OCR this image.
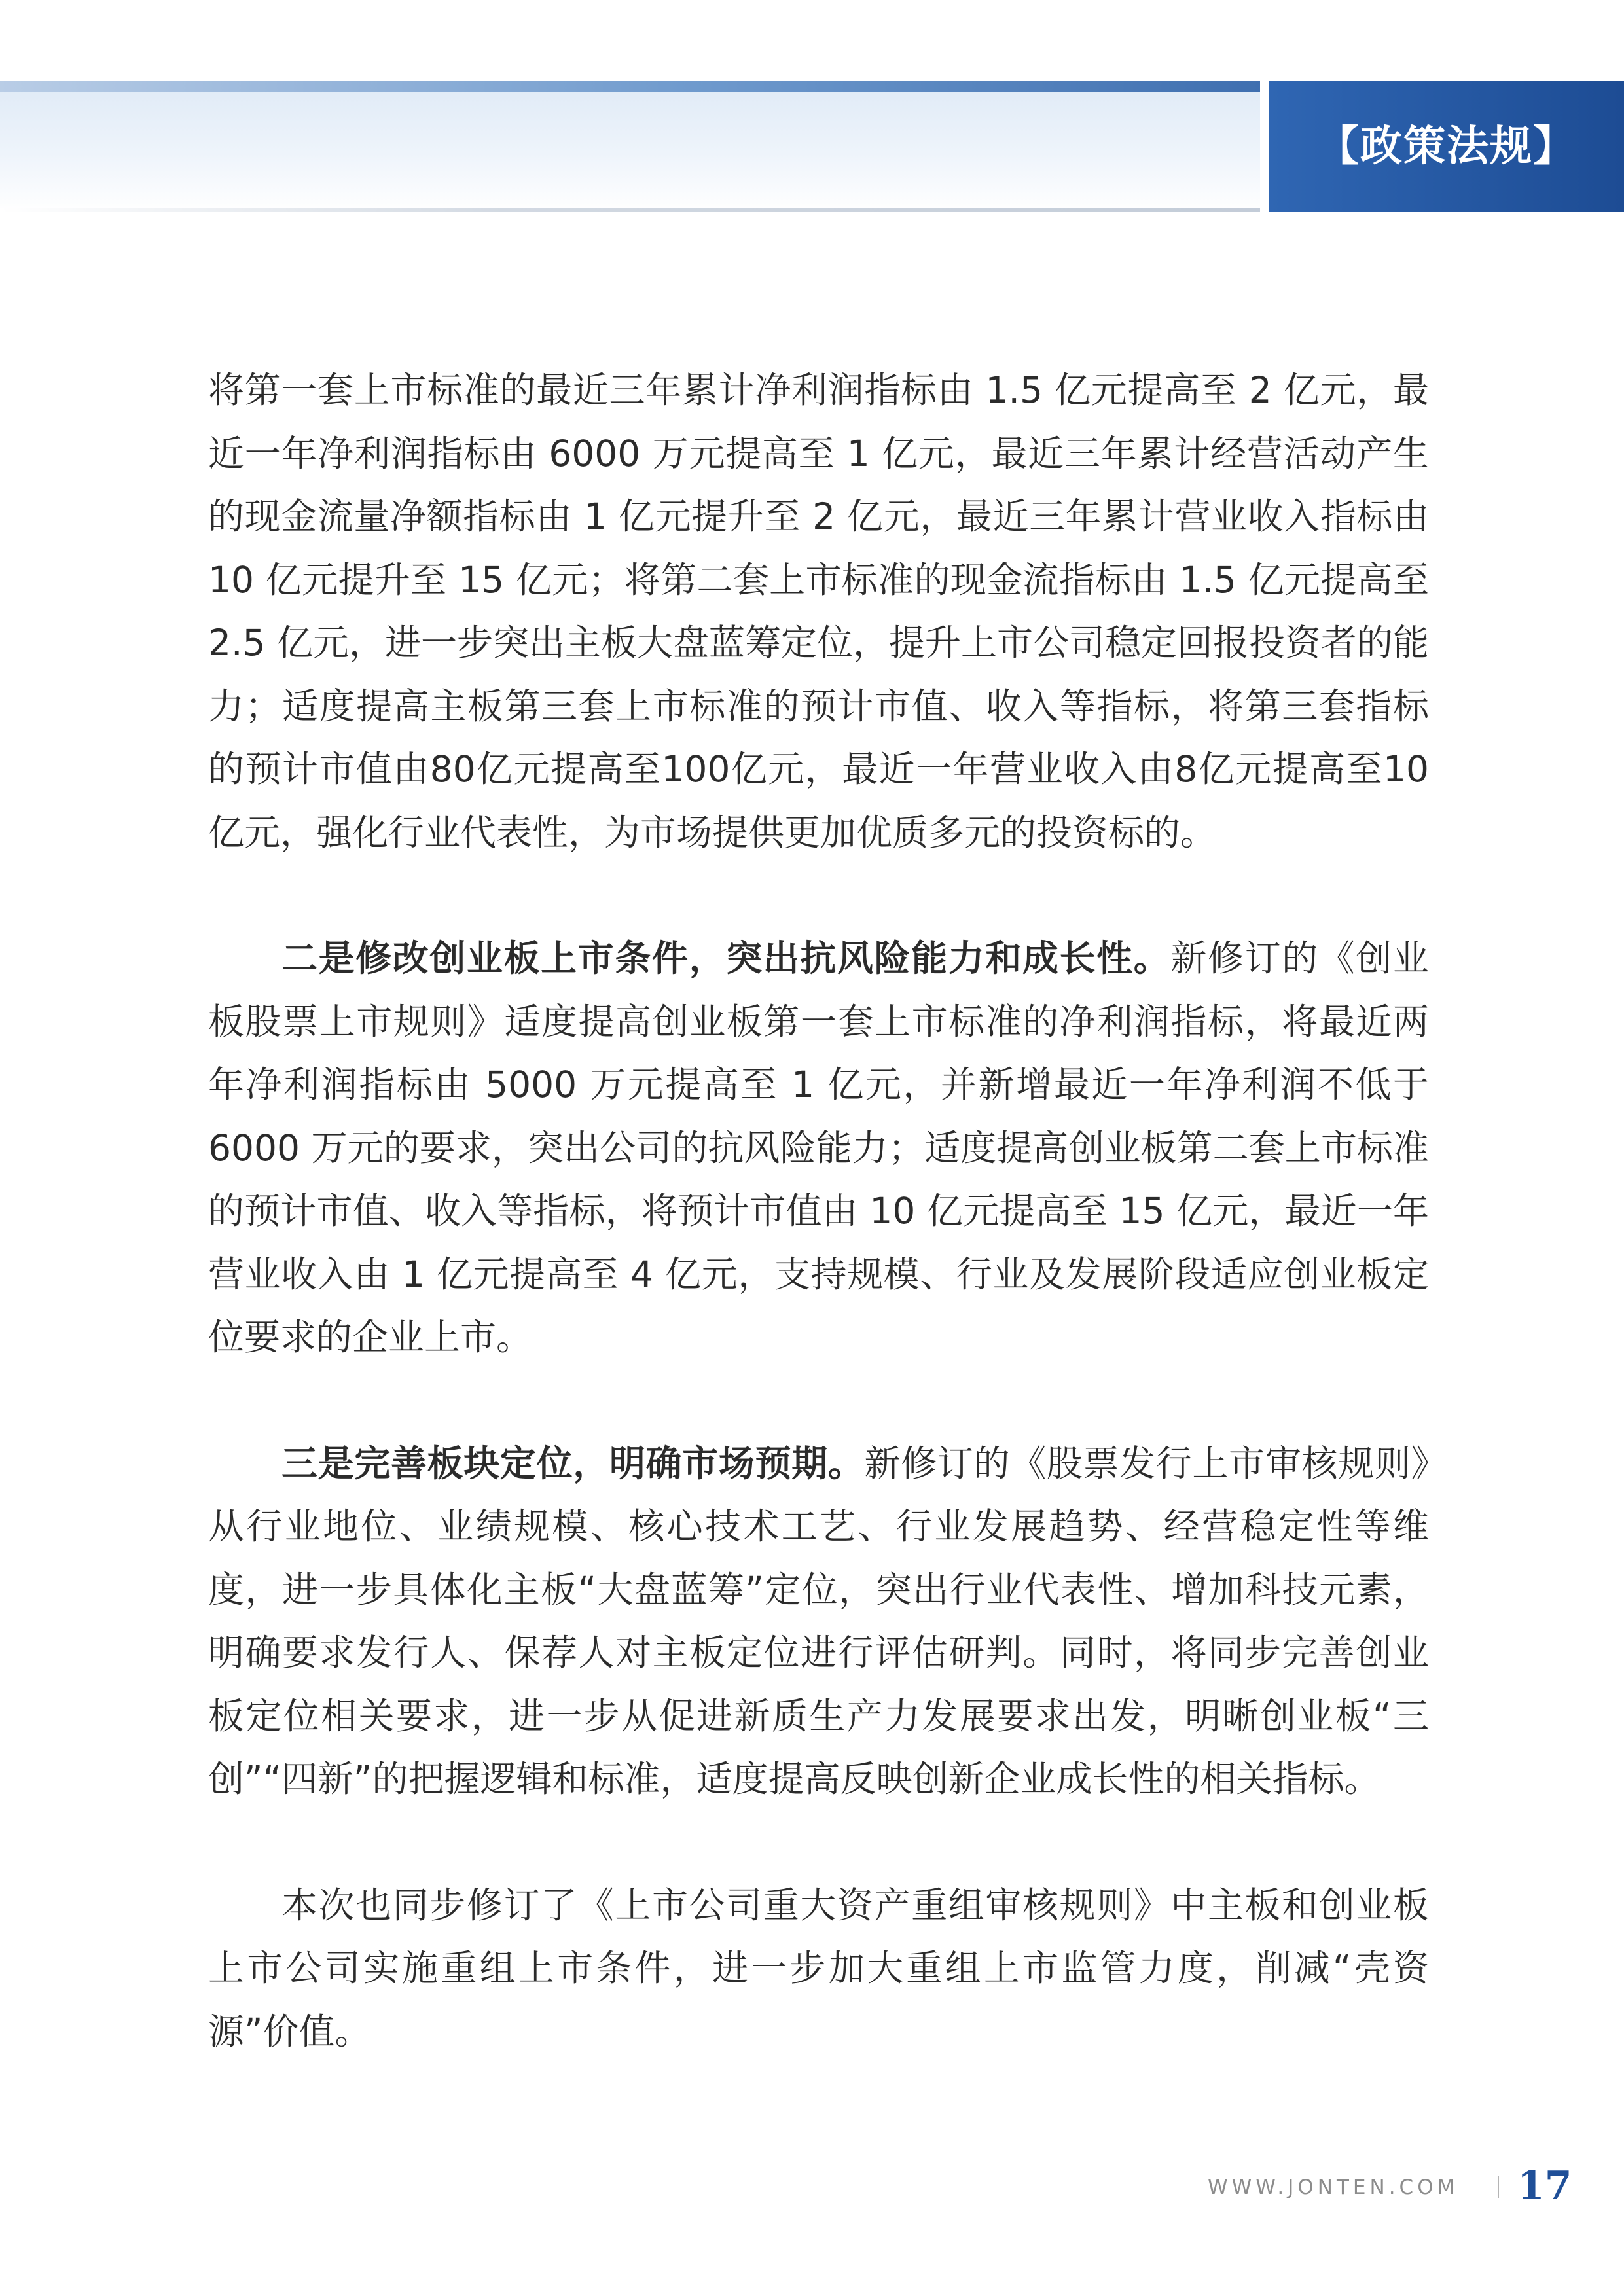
【政策法规】

将第一套上市标准的最近三年累计净利润指标由 1.5 亿元提高至 2 亿元，最近一年净利润指标由 6000 万元提高至 1 亿元，最近三年累计经营活动产生的现金流量净额指标由 1 亿元提升至 2 亿元，最近三年累计营业收入指标由 10 亿元提升至 15 亿元；将第二套上市标准的现金流指标由 1.5 亿元提高至 2.5 亿元，进一步突出主板大盘蓝筹定位，提升上市公司稳定回报投资者的能力；适度提高主板第三套上市标准的预计市值、收入等指标，将第三套指标的预计市值由80亿元提高至100亿元，最近一年营业收入由8亿元提高至10亿元，强化行业代表性，为市场提供更加优质多元的投资标的。

二是修改创业板上市条件，突出抗风险能力和成长性。新修订的《创业板股票上市规则》适度提高创业板第一套上市标准的净利润指标，将最近两年净利润指标由 5000 万元提高至 1 亿元，并新增最近一年净利润不低于 6000 万元的要求，突出公司的抗风险能力；适度提高创业板第二套上市标准的预计市值、收入等指标，将预计市值由 10 亿元提高至 15 亿元，最近一年营业收入由 1 亿元提高至 4 亿元，支持规模、行业及发展阶段适应创业板定位要求的企业上市。

三是完善板块定位，明确市场预期。新修订的《股票发行上市审核规则》从行业地位、业绩规模、核心技术工艺、行业发展趋势、经营稳定性等维度，进一步具体化主板“大盘蓝筹”定位，突出行业代表性、增加科技元素，明确要求发行人、保荐人对主板定位进行评估研判。同时，将同步完善创业板定位相关要求，进一步从促进新质生产力发展要求出发，明晰创业板“三创”“四新”的把握逻辑和标准，适度提高反映创新企业成长性的相关指标。

本次也同步修订了《上市公司重大资产重组审核规则》中主板和创业板上市公司实施重组上市条件，进一步加大重组上市监管力度，削减“壳资源”价值。

WWW.JONTEN.COM 17
